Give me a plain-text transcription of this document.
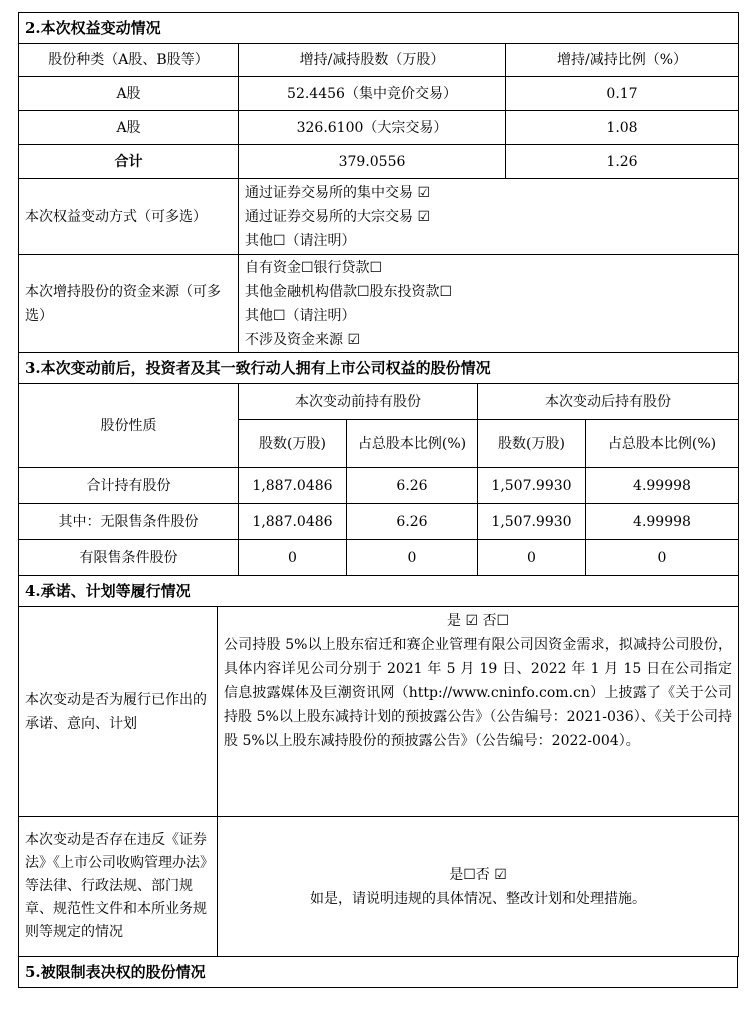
2.本次权益变动情况		
股份种类（A股、B股等）	增持/减持股数（万股）	增持/减持比例（%）
A股	52.4456（集中竞价交易）	0.17
A股	326.6100（大宗交易）	1.08
合计	379.0556	1.26
本次权益变动方式（可多选）	通过证券交易所的集中交易 ☑
通过证券交易所的大宗交易 ☑
其他☐（请注明）	

本次增持股份的资金来源（可多选）	自有资金☐银行贷款☐
其他金融机构借款☐股东投资款☐
其他☐（请注明）
不涉及资金来源 ☑	
3.本次变动前后，投资者及其一致行动人拥有上市公司权益的股份情况				
股份性质	本次变动前持有股份		本次变动后持有股份	
	股数(万股)	占总股本比例(%)	股数(万股)	占总股本比例(%)
合计持有股份	1,887.0486	6.26	1,507.9930	4.99998
其中：无限售条件股份	1,887.0486	6.26	1,507.9930	4.99998
有限售条件股份	0	0	0	0
4.承诺、计划等履行情况	
本次变动是否为履行已作出的承诺、意向、计划	是 ☑ 否☐
公司持股 5%以上股东宿迁和赛企业管理有限公司因资金需求，拟减持公司股份，具体内容详见公司分别于 2021 年 5 月 19 日、2022 年 1 月 15 日在公司指定信息披露媒体及巨潮资讯网（http://www.cninfo.com.cn）上披露了《关于公司持股 5%以上股东减持计划的预披露公告》（公告编号：2021-036）、《关于公司持股 5%以上股东减持股份的预披露公告》（公告编号：2022-004）。

本次变动是否存在违反《证券法》《上市公司收购管理办法》等法律、行政法规、部门规章、规范性文件和本所业务规则等规定的情况	是☐否 ☑
如是，请说明违规的具体情况、整改计划和处理措施。
5.被限制表决权的股份情况
